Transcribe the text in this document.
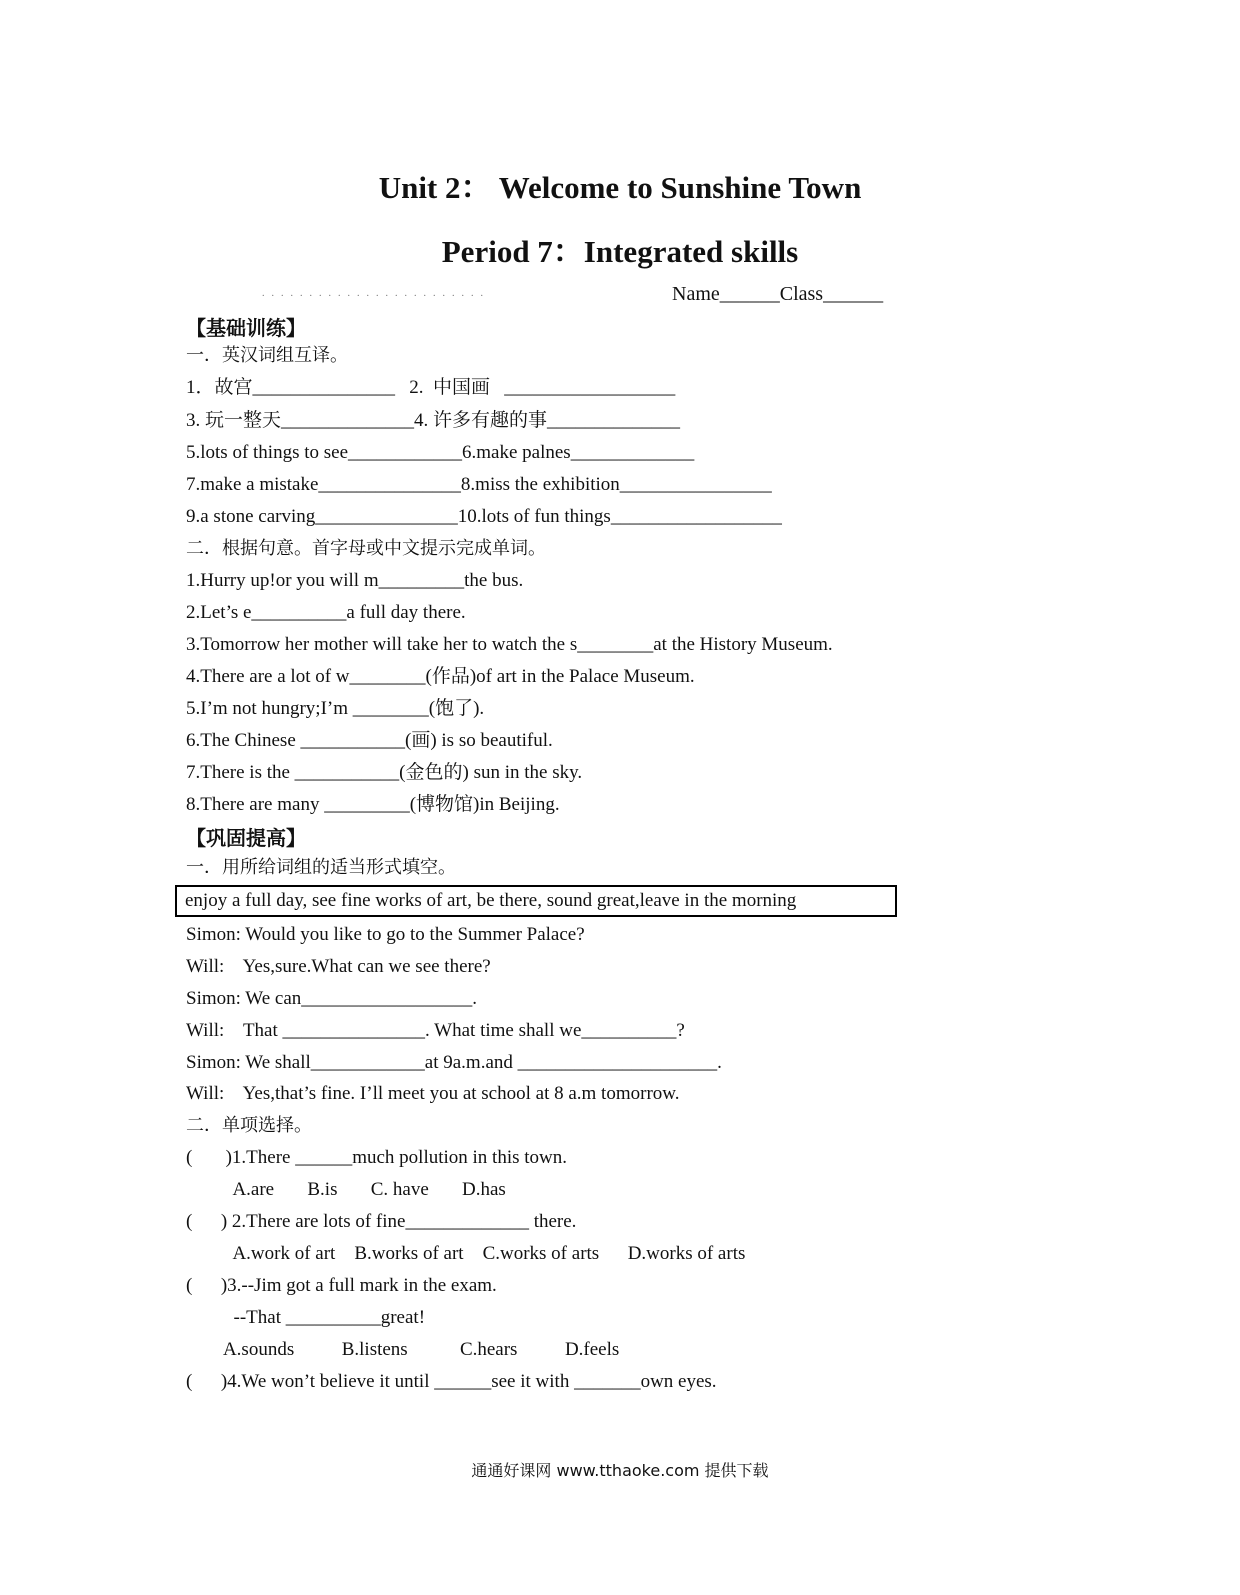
Unit 2： Welcome to Sunshine Town
Period 7：Integrated skills
........................	Name______Class______
【基础训练】
一．英汉词组互译。
1．故宫_______________   2.  中国画   __________________
3. 玩一整天______________4. 许多有趣的事______________
5.lots of things to see____________6.make palnes_____________
7.make a mistake_______________8.miss the exhibition________________
9.a stone carving_______________10.lots of fun things__________________
二．根据句意。首字母或中文提示完成单词。
1.Hurry up!or you will m_________the bus.
2.Let’s e__________a full day there.
3.Tomorrow her mother will take her to watch the s________at the History Museum.
4.There are a lot of w________(作品)of art in the Palace Museum.
5.I’m not hungry;I’m ________(饱了).
6.The Chinese ___________(画) is so beautiful.
7.There is the ___________(金色的) sun in the sky.
8.There are many _________(博物馆)in Beijing.
【巩固提高】
一．用所给词组的适当形式填空。
enjoy a full day, see fine works of art, be there, sound great,leave in the morning
Simon: Would you like to go to the Summer Palace?
Will:    Yes,sure.What can we see there?
Simon: We can__________________.
Will:    That _______________. What time shall we__________?
Simon: We shall____________at 9a.m.and _____________________.
Will:    Yes,that’s fine. I’ll meet you at school at 8 a.m tomorrow.
二．单项选择。
(       )1.There ______much pollution in this town.
A.are       B.is       C. have       D.has
(      ) 2.There are lots of fine_____________ there.
A.work of art    B.works of art    C.works of arts      D.works of arts
(      )3.--Jim got a full mark in the exam.
--That __________great!
A.sounds          B.listens           C.hears          D.feels
(      )4.We won’t believe it until ______see it with _______own eyes.
通通好课网 www.tthaoke.com 提供下载
